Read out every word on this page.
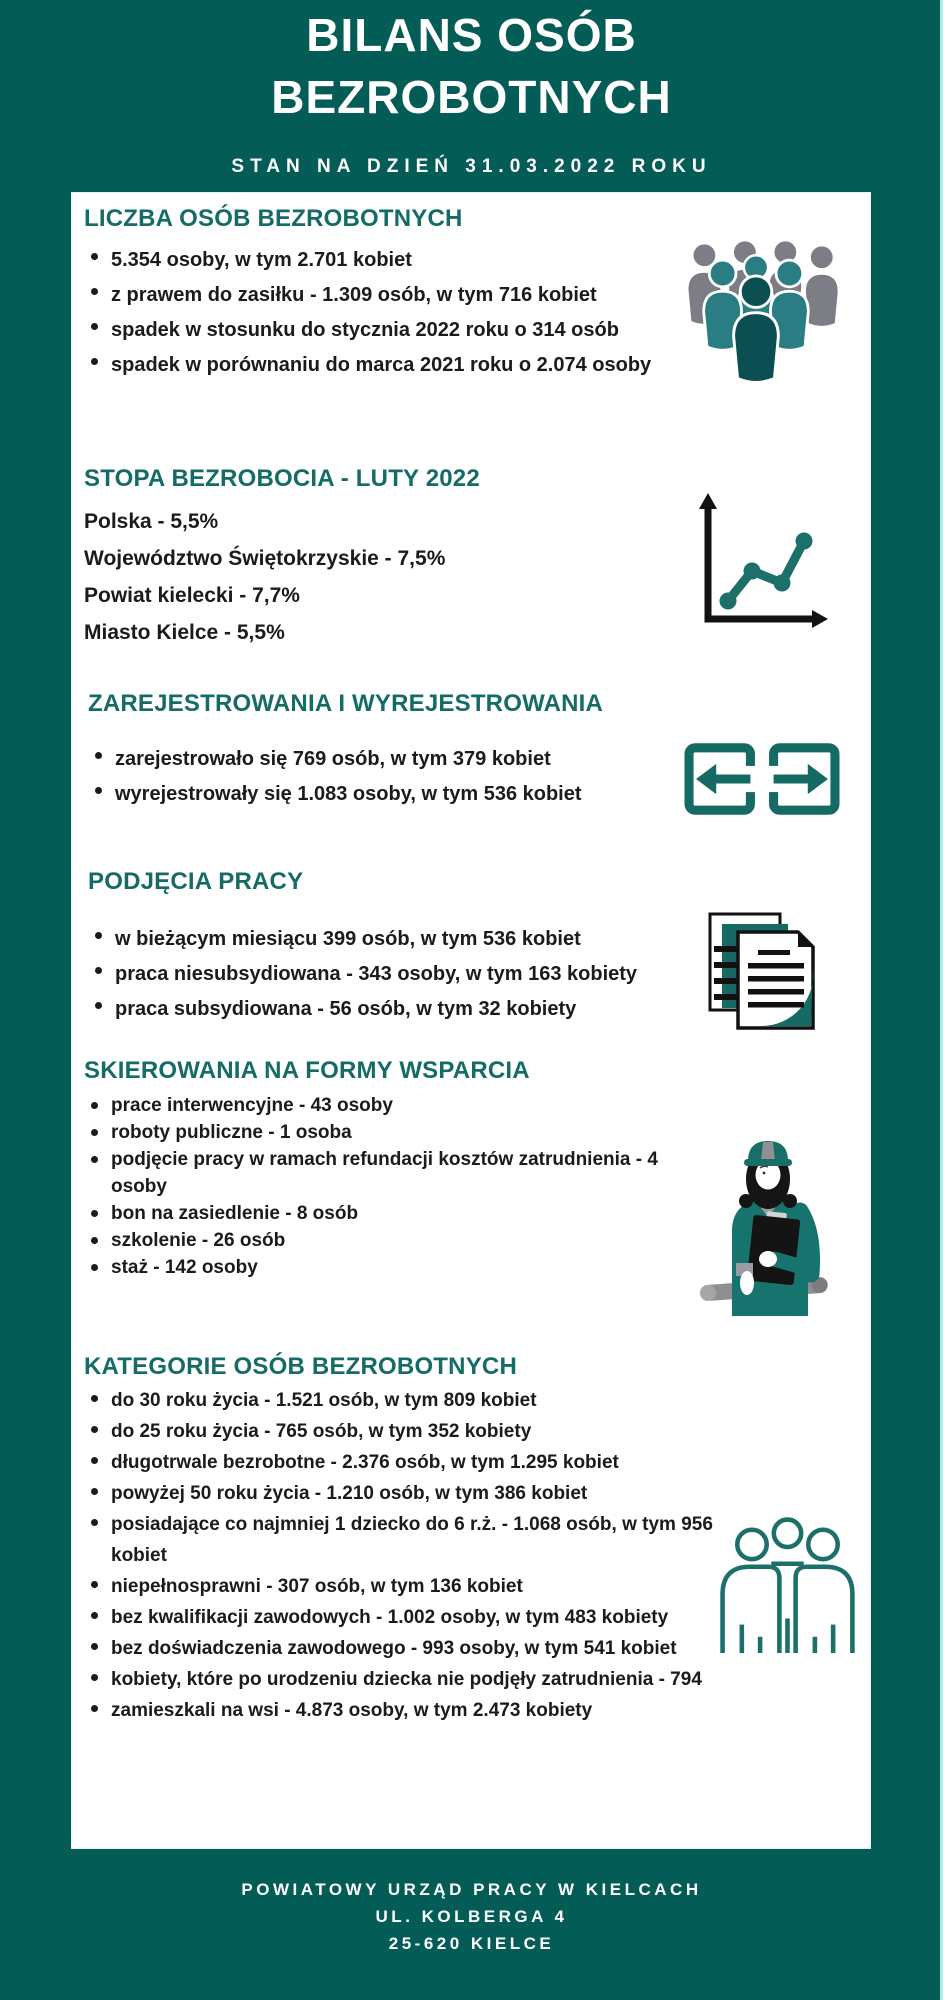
BILANS OSÓB
BEZROBOTNYCH
STAN NA DZIEŃ 31.03.2022 ROKU
LICZBA OSÓB BEZROBOTNYCH
5.354 osoby, w tym 2.701 kobiet
z prawem do zasiłku - 1.309 osób, w tym 716 kobiet
spadek w stosunku do stycznia 2022 roku o 314 osób
spadek w porównaniu do marca 2021 roku o 2.074 osoby
STOPA BEZROBOCIA - LUTY 2022
Polska - 5,5%
Województwo Świętokrzyskie - 7,5%
Powiat kielecki - 7,7%
Miasto Kielce - 5,5%
ZAREJESTROWANIA I WYREJESTROWANIA
zarejestrowało się 769 osób, w tym 379 kobiet
wyrejestrowały się 1.083 osoby, w tym 536 kobiet
PODJĘCIA PRACY
w bieżącym miesiącu 399 osób, w tym 536 kobiet
praca niesubsydiowana - 343 osoby, w tym 163 kobiety
praca subsydiowana - 56 osób, w tym 32 kobiety
SKIEROWANIA NA FORMY WSPARCIA
prace interwencyjne - 43 osoby
roboty publiczne - 1 osoba
podjęcie pracy w ramach refundacji kosztów zatrudnienia - 4 osoby
bon na zasiedlenie - 8 osób
szkolenie - 26 osób
staż - 142 osoby
KATEGORIE OSÓB BEZROBOTNYCH
do 30 roku życia - 1.521 osób, w tym 809 kobiet
do 25 roku życia - 765 osób, w tym 352 kobiety
długotrwale bezrobotne - 2.376 osób, w tym 1.295 kobiet
powyżej 50 roku życia - 1.210 osób, w tym 386 kobiet
posiadające co najmniej 1 dziecko do 6 r.ż. - 1.068 osób, w tym 956 kobiet
niepełnosprawni - 307 osób, w tym 136 kobiet
bez kwalifikacji zawodowych - 1.002 osoby, w tym 483 kobiety
bez doświadczenia zawodowego - 993 osoby, w tym 541 kobiet
kobiety, które po urodzeniu dziecka nie podjęły zatrudnienia - 794
zamieszkali na wsi - 4.873 osoby, w tym 2.473 kobiety
POWIATOWY URZĄD PRACY W KIELCACH
UL. KOLBERGA 4
25-620 KIELCE
